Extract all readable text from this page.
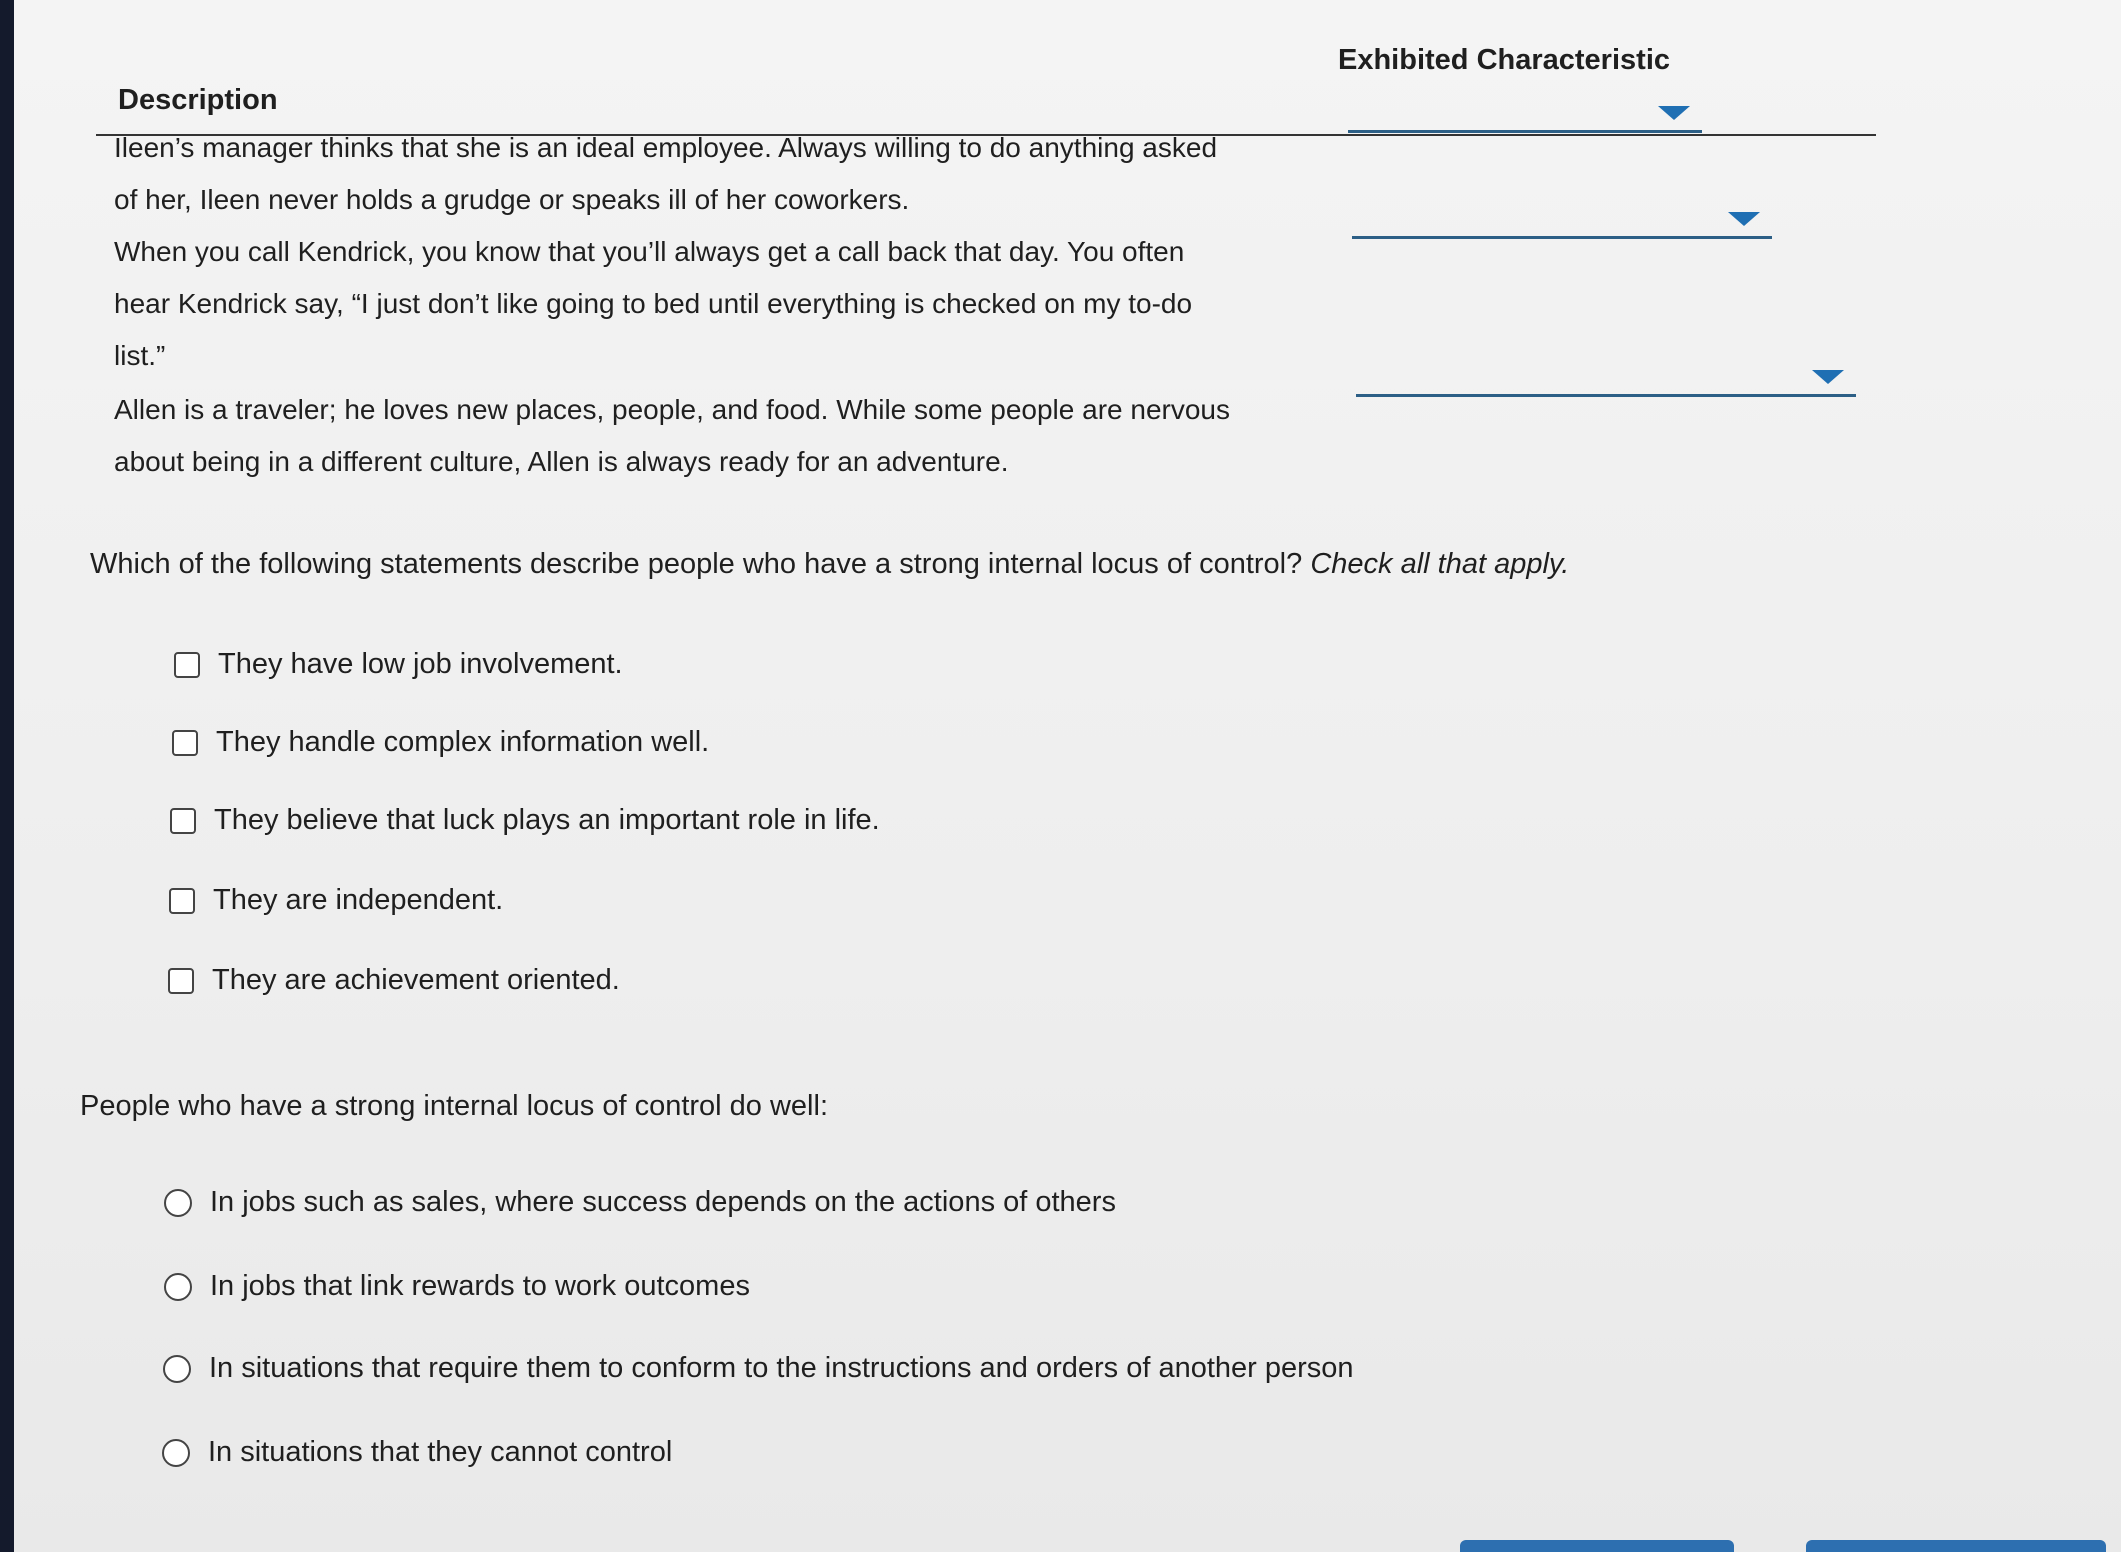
Description
Exhibited Characteristic

Ileen’s manager thinks that she is an ideal employee. Always willing to do anything asked

of her, Ileen never holds a grudge or speaks ill of her coworkers.

When you call Kendrick, you know that you’ll always get a call back that day. You often

hear Kendrick say, “I just don’t like going to bed until everything is checked on my to-do

list.”

Allen is a traveler; he loves new places, people, and food. While some people are nervous

about being in a different culture, Allen is always ready for an adventure.

Which of the following statements describe people who have a strong internal locus of control? Check all that apply.
They have low job involvement.
They handle complex information well.
They believe that luck plays an important role in life.
They are independent.
They are achievement oriented.
People who have a strong internal locus of control do well:
In jobs such as sales, where success depends on the actions of others
In jobs that link rewards to work outcomes
In situations that require them to conform to the instructions and orders of another person
In situations that they cannot control
